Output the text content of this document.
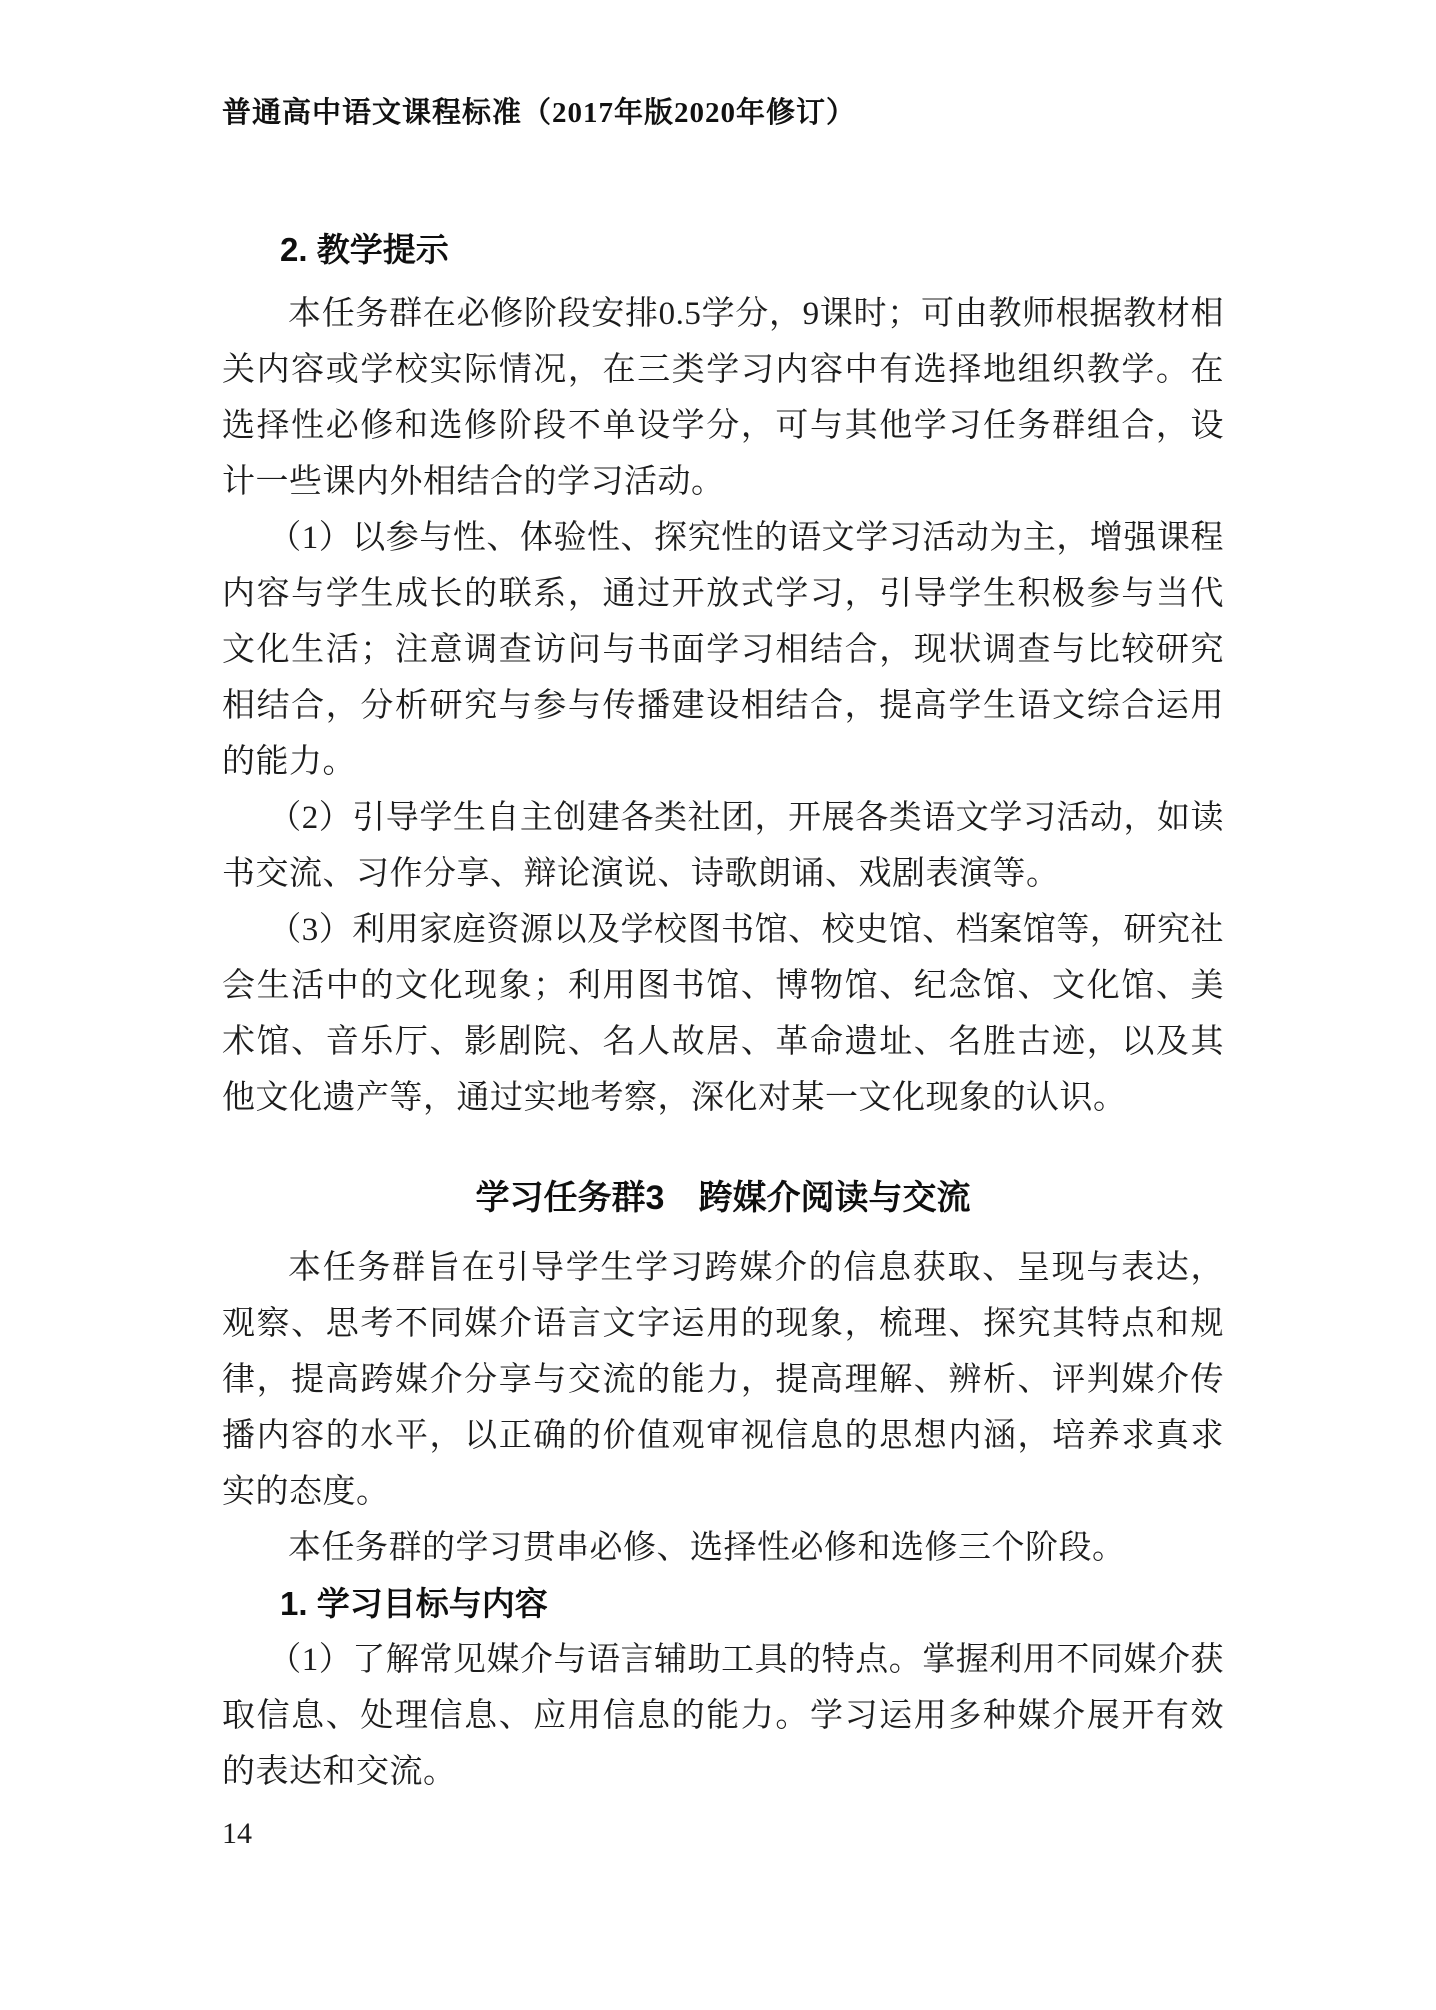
普通高中语文课程标准（2017年版2020年修订）
2. 教学提示

本任务群在必修阶段安排0.5学分，9课时；可由教师根据教材相关内容或学校实际情况，在三类学习内容中有选择地组织教学。在选择性必修和选修阶段不单设学分，可与其他学习任务群组合，设计一些课内外相结合的学习活动。

（1）以参与性、体验性、探究性的语文学习活动为主，增强课程内容与学生成长的联系，通过开放式学习，引导学生积极参与当代文化生活；注意调查访问与书面学习相结合，现状调查与比较研究相结合，分析研究与参与传播建设相结合，提高学生语文综合运用的能力。

（2）引导学生自主创建各类社团，开展各类语文学习活动，如读书交流、习作分享、辩论演说、诗歌朗诵、戏剧表演等。

（3）利用家庭资源以及学校图书馆、校史馆、档案馆等，研究社会生活中的文化现象；利用图书馆、博物馆、纪念馆、文化馆、美术馆、音乐厅、影剧院、名人故居、革命遗址、名胜古迹，以及其他文化遗产等，通过实地考察，深化对某一文化现象的认识。

学习任务群3　跨媒介阅读与交流

本任务群旨在引导学生学习跨媒介的信息获取、呈现与表达，观察、思考不同媒介语言文字运用的现象，梳理、探究其特点和规律，提高跨媒介分享与交流的能力，提高理解、辨析、评判媒介传播内容的水平，以正确的价值观审视信息的思想内涵，培养求真求实的态度。

本任务群的学习贯串必修、选择性必修和选修三个阶段。

1. 学习目标与内容

（1）了解常见媒介与语言辅助工具的特点。掌握利用不同媒介获取信息、处理信息、应用信息的能力。学习运用多种媒介展开有效的表达和交流。

14
